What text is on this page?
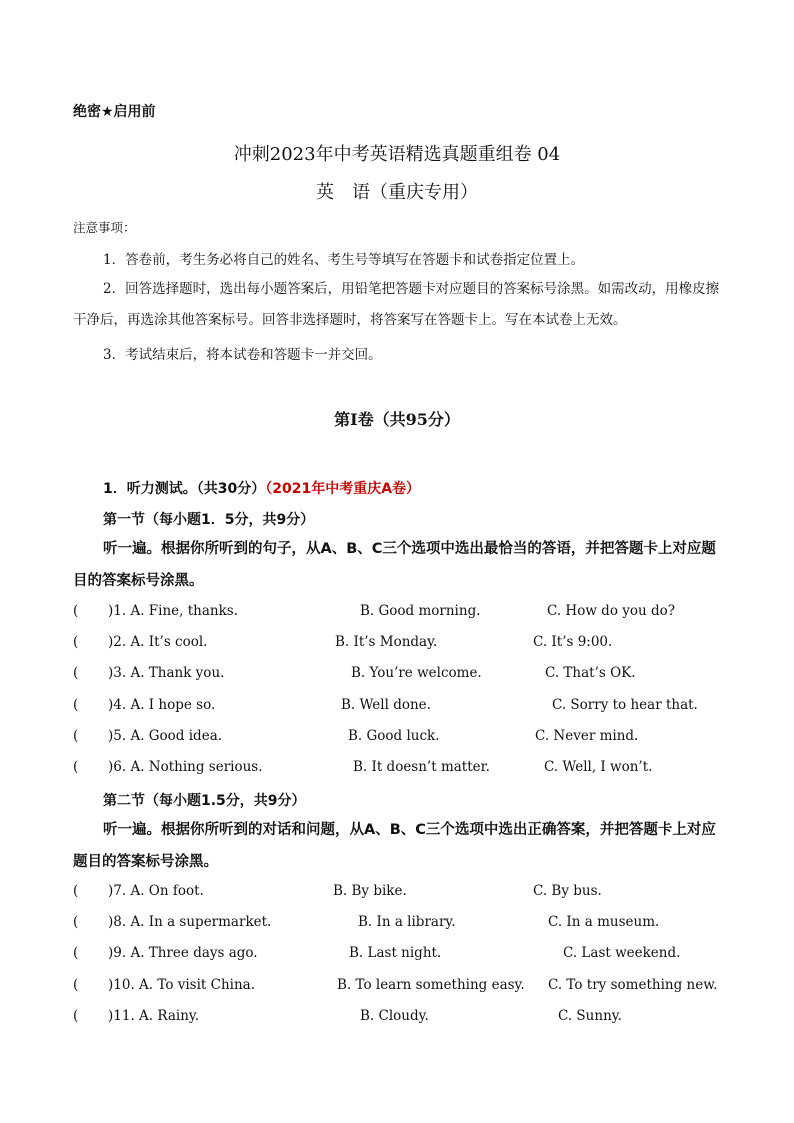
绝密★启用前
冲刺2023年中考英语精选真题重组卷 04
英　语（重庆专用）
注意事项：
1．答卷前，考生务必将自己的姓名、考生号等填写在答题卡和试卷指定位置上。
2．回答选择题时，选出每小题答案后，用铅笔把答题卡对应题目的答案标号涂黑。如需改动，用橡皮擦干净后，再选涂其他答案标号。回答非选择题时，将答案写在答题卡上。写在本试卷上无效。
3．考试结束后，将本试卷和答题卡一并交回。
第Ⅰ卷（共95分）
1．听力测试。（共30分）（2021年中考重庆A卷）
第一节（每小题1．5分，共9分）
听一遍。根据你所听到的句子，从A、B、C三个选项中选出最恰当的答语，并把答题卡上对应题目的答案标号涂黑。
( )1. A. Fine, thanks.	B. Good morning.	C. How do you do?
( )2. A. It’s cool.	B. It’s Monday.	C. It’s 9:00.
( )3. A. Thank you.	B. You’re welcome.	C. That’s OK.
( )4. A. I hope so.	B. Well done.	C. Sorry to hear that.
( )5. A. Good idea.	B. Good luck.	C. Never mind.
( )6. A. Nothing serious.	B. It doesn’t matter.	C. Well, I won’t.
第二节（每小题1.5分，共9分）
听一遍。根据你所听到的对话和问题，从A、B、C三个选项中选出正确答案，并把答题卡上对应题目的答案标号涂黑。
( )7. A. On foot.	B. By bike.	C. By bus.
( )8. A. In a supermarket.	B. In a library.	C. In a museum.
( )9. A. Three days ago.	B. Last night.	C. Last weekend.
( )10. A. To visit China.	B. To learn something easy. C. To try something new.
( )11. A. Rainy.	B. Cloudy.	C. Sunny.
